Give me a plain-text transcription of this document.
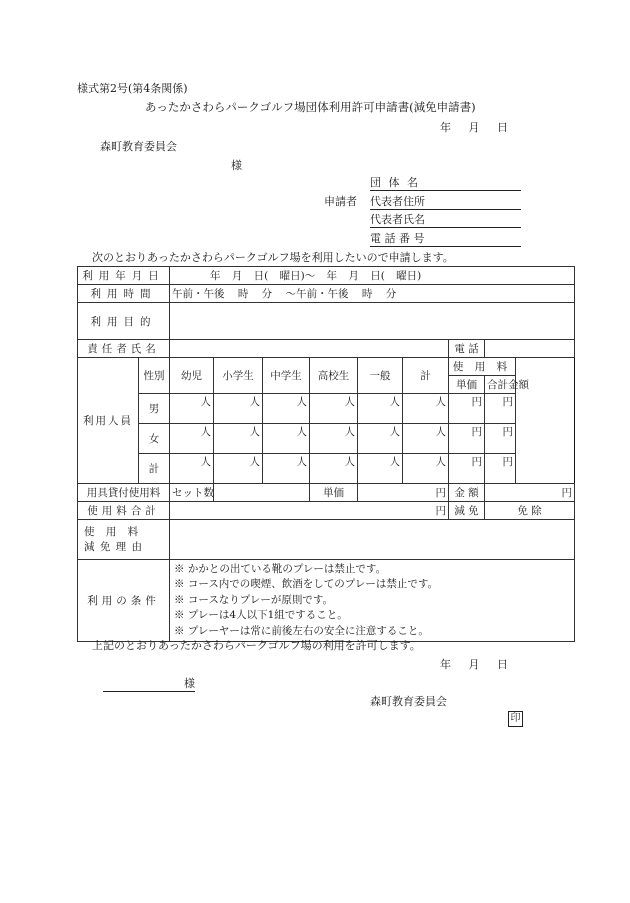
様式第2号(第4条関係)
あったかさわらパークゴルフ場団体利用許可申請書(減免申請書)
年 月 日
森町教育委員会
様
申請者
団 体 名
代表者住所
代表者氏名
電 話 番 号
次のとおりあったかさわらパークゴルフ場を利用したいので申請します。
利用年月日		年 月 日( 曜日)〜 年 月 日( 曜日)							
利用時間		午前・午後 時 分 〜午前・午後 時 分							
利用目的									
責任者氏名								電 話	
利用人員	性別	幼児	小学生	中学生	高校生	一般	計	使 用 料	
								単価	合計金額
	男	人	人	人	人	人	人	円	円
	女	人	人	人	人	人	人	円	円
	計	人	人	人	人	人	人	円	円
用具貸付使用料		セット数			単価	円		金 額	円
使用料合計		円						減 免	免 除

使 用 料
減 免 理 由									

利用の条件		※ かかとの出ている靴のプレーは禁止です。
※ コース内での喫煙、飲酒をしてのプレーは禁止です。
※ コースなりプレーが原則です。
※ プレーは4人以下1組ですること。
※ プレーヤーは常に前後左右の安全に注意すること。							
上記のとおりあったかさわらパークゴルフ場の利用を許可します。
年 月 日
様
森町教育委員会
印
